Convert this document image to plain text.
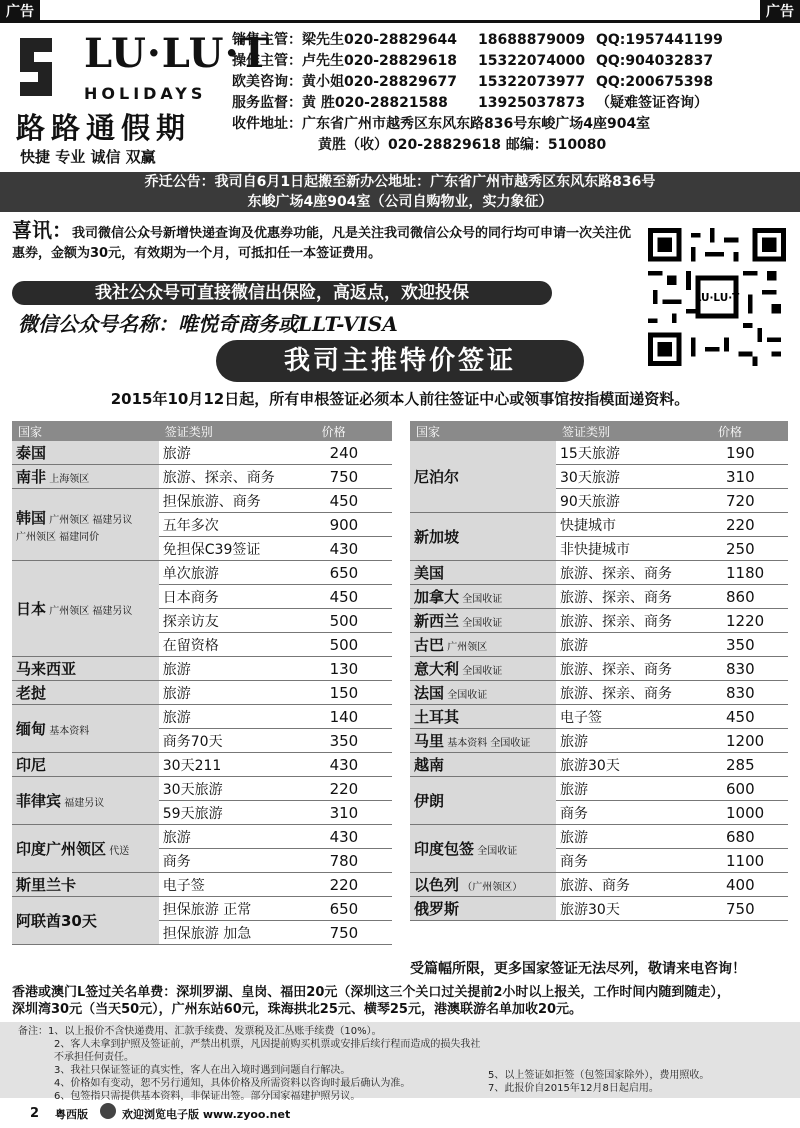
广告	广告
LU·LU·T
HOLIDAYS
路路通假期
快捷 专业 诚信 双赢
销售主管：梁先生020-28829644 18688879009 QQ:1957441199
操作主管：卢先生020-28829618 15322074000 QQ:904032837
欧美咨询：黄小姐020-28829677 15322073977 QQ:200675398
服务监督：黄 胜020-28821588 13925037873 （疑难签证咨询）
收件地址：广东省广州市越秀区东风东路836号东峻广场4座904室
黄胜（收）020-28829618 邮编：510080
乔迁公告：我司自6月1日起搬至新办公地址：广东省广州市越秀区东风东路836号
东峻广场4座904室（公司自购物业，实力象征）
喜讯：我司微信公众号新增快递查询及优惠券功能，凡是关注我司微信公众号的同行均可申请一次关注优惠券，金额为30元，有效期为一个月，可抵扣任一本签证费用。
我社公众号可直接微信出保险，高返点，欢迎投保
微信公众号名称：唯悦奇商务或LLT-VISA
LU·LU·T
我司主推特价签证
2015年10月12日起，所有申根签证必须本人前往签证中心或领事馆按指模面递资料。
国家	签证类别	价格
泰国	旅游	240
南非 上海领区	旅游、探亲、商务	750
韩国 广州领区 福建另议
广州领区 福建同价	担保旅游、商务	450
	五年多次	900
	免担保C39签证	430
日本 广州领区 福建另议	单次旅游	650
	日本商务	450
	探亲访友	500
	在留资格	500
马来西亚	旅游	130
老挝	旅游	150
缅甸 基本资料	旅游	140
	商务70天	350
印尼	30天211	430
菲律宾 福建另议	30天旅游	220
	59天旅游	310
印度广州领区 代送	旅游	430
	商务	780
斯里兰卡	电子签	220
阿联酋30天	担保旅游 正常	650
	担保旅游 加急	750
国家	签证类别	价格
尼泊尔	15天旅游	190
	30天旅游	310
	90天旅游	720
新加坡	快捷城市	220
	非快捷城市	250
美国	旅游、探亲、商务	1180
加拿大 全国收证	旅游、探亲、商务	860
新西兰 全国收证	旅游、探亲、商务	1220
古巴 广州领区	旅游	350
意大利 全国收证	旅游、探亲、商务	830
法国 全国收证	旅游、探亲、商务	830
土耳其	电子签	450
马里 基本资料 全国收证	旅游	1200
越南	旅游30天	285
伊朗	旅游	600
	商务	1000
印度包签 全国收证	旅游	680
	商务	1100
以色列 （广州领区）	旅游、商务	400
俄罗斯	旅游30天	750
受篇幅所限，更多国家签证无法尽列，敬请来电咨询！
香港或澳门L签过关名单费：深圳罗湖、皇岗、福田20元（深圳这三个关口过关提前2小时以上报关，工作时间内随到随走），
深圳湾30元（当天50元），广州东站60元，珠海拱北25元、横琴25元，港澳联游名单加收20元。
备注：1、以上报价不含快递费用、汇款手续费、发票税及汇丛账手续费（10%）。
2、客人未拿到护照及签证前，严禁出机票，凡因提前购买机票或安排后续行程而造成的损失我社不承担任何责任。
3、我社只保证签证的真实性，客人在出入境时遇到问题自行解决。
4、价格如有变动，恕不另行通知，具体价格及所需资料以咨询时最后确认为准。
6、包签指只需提供基本资料，非保证出签。部分国家福建护照另议。
5、以上签证如拒签（包签国家除外），费用照收。
7、此报价自2015年12月8日起启用。
2 粤西版	欢迎浏览电子版 www.zyoo.net
